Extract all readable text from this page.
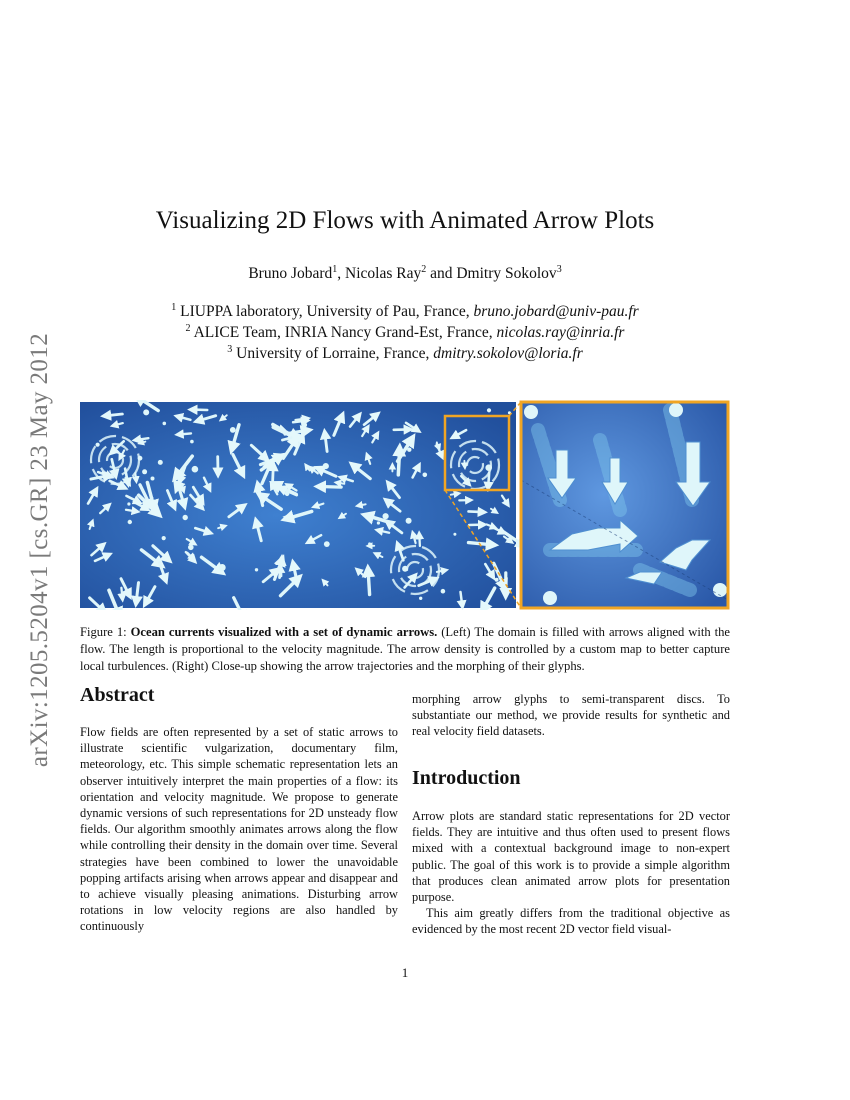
arXiv:1205.5204v1 [cs.GR] 23 May 2012
Visualizing 2D Flows with Animated Arrow Plots
Bruno Jobard$^1$, Nicolas Ray$^2$ and Dmitry Sokolov$^3$
$^1$ LIUPPA laboratory, University of Pau, France, bruno.jobard@univ-pau.fr
$^2$ ALICE Team, INRIA Nancy Grand-Est, France, nicolas.ray@inria.fr
$^3$ University of Lorraine, France, dmitry.sokolov@loria.fr
Figure 1: Ocean currents visualized with a set of dynamic arrows. (Left) The domain is filled with arrows aligned with the flow. The length is proportional to the velocity magnitude. The arrow density is controlled by a custom map to better capture local turbulences. (Right) Close-up showing the arrow trajectories and the morphing of their glyphs.
Abstract

Flow fields are often represented by a set of static arrows to illustrate scientific vulgarization, documentary film, meteorology, etc. This simple schematic representation lets an observer intuitively interpret the main properties of a flow: its orientation and velocity magnitude. We propose to generate dynamic versions of such representations for 2D unsteady flow fields. Our algorithm smoothly animates arrows along the flow while controlling their density in the domain over time. Several strategies have been combined to lower the unavoidable popping artifacts arising when arrows appear and disappear and to achieve visually pleasing animations. Disturbing arrow rotations in low velocity regions are also handled by continuously

morphing arrow glyphs to semi-transparent discs. To substantiate our method, we provide results for synthetic and real velocity field datasets.

Introduction

Arrow plots are standard static representations for 2D vector fields. They are intuitive and thus often used to present flows mixed with a contextual background image to non-expert public. The goal of this work is to provide a simple algorithm that produces clean animated arrow plots for presentation purpose.

This aim greatly differs from the traditional objective as evidenced by the most recent 2D vector field visual-

1
